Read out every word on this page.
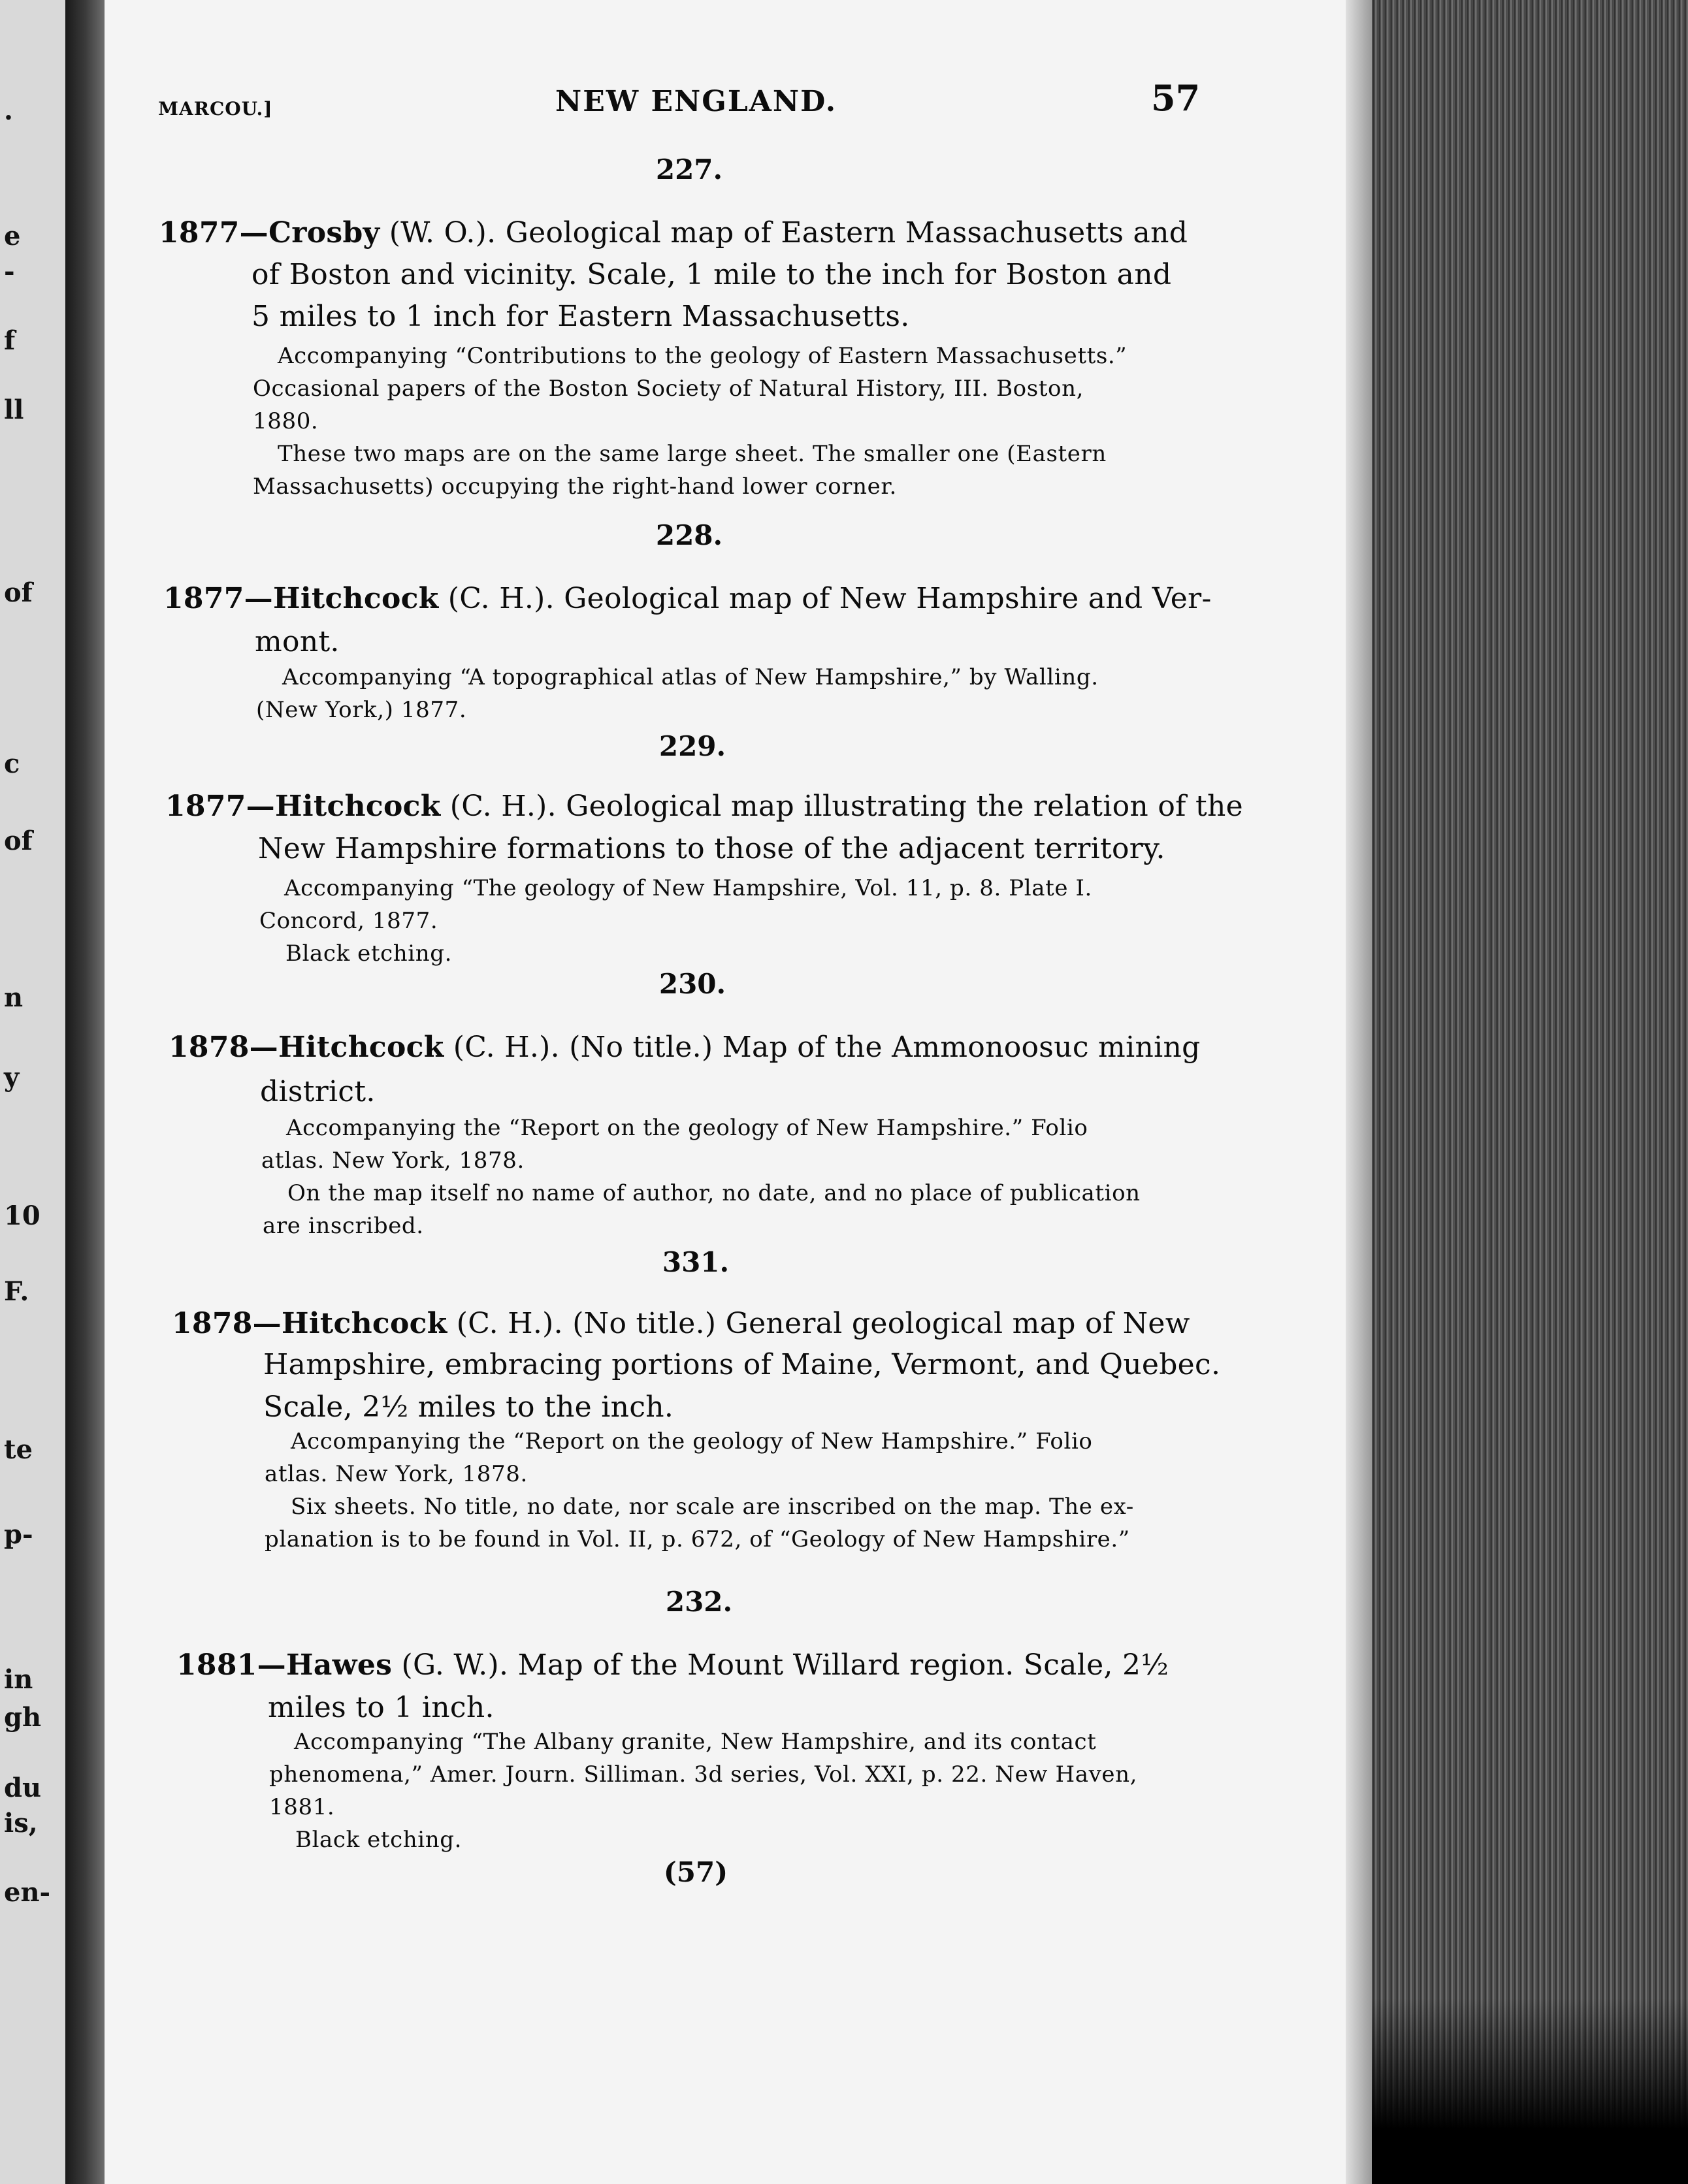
.
e
-
f
ll
of
c
of
n
y
10
F.
te
p-
in
gh
du
is,
en-
MARCOU.]	NEW ENGLAND.	57
227.
1877—Crosby (W. O.). Geological map of Eastern Massachusetts and
of Boston and vicinity. Scale, 1 mile to the inch for Boston and
5 miles to 1 inch for Eastern Massachusetts.
Accompanying “Contributions to the geology of Eastern Massachusetts.”
Occasional papers of the Boston Society of Natural History, III. Boston,
1880.
These two maps are on the same large sheet. The smaller one (Eastern
Massachusetts) occupying the right-hand lower corner.
228.
1877—Hitchcock (C. H.). Geological map of New Hampshire and Ver-
mont.
Accompanying “A topographical atlas of New Hampshire,” by Walling.
(New York,) 1877.
229.
1877—Hitchcock (C. H.). Geological map illustrating the relation of the
New Hampshire formations to those of the adjacent territory.
Accompanying “The geology of New Hampshire, Vol. 11, p. 8. Plate I.
Concord, 1877.
Black etching.
230.
1878—Hitchcock (C. H.). (No title.) Map of the Ammonoosuc mining
district.
Accompanying the “Report on the geology of New Hampshire.” Folio
atlas. New York, 1878.
On the map itself no name of author, no date, and no place of publication
are inscribed.
331.
1878—Hitchcock (C. H.). (No title.) General geological map of New
Hampshire, embracing portions of Maine, Vermont, and Quebec.
Scale, 2½ miles to the inch.
Accompanying the “Report on the geology of New Hampshire.” Folio
atlas. New York, 1878.
Six sheets. No title, no date, nor scale are inscribed on the map. The ex-
planation is to be found in Vol. II, p. 672, of “Geology of New Hampshire.”
232.
1881—Hawes (G. W.). Map of the Mount Willard region. Scale, 2½
miles to 1 inch.
Accompanying “The Albany granite, New Hampshire, and its contact
phenomena,” Amer. Journ. Silliman. 3d series, Vol. XXI, p. 22. New Haven,
1881.
Black etching.
(57)
